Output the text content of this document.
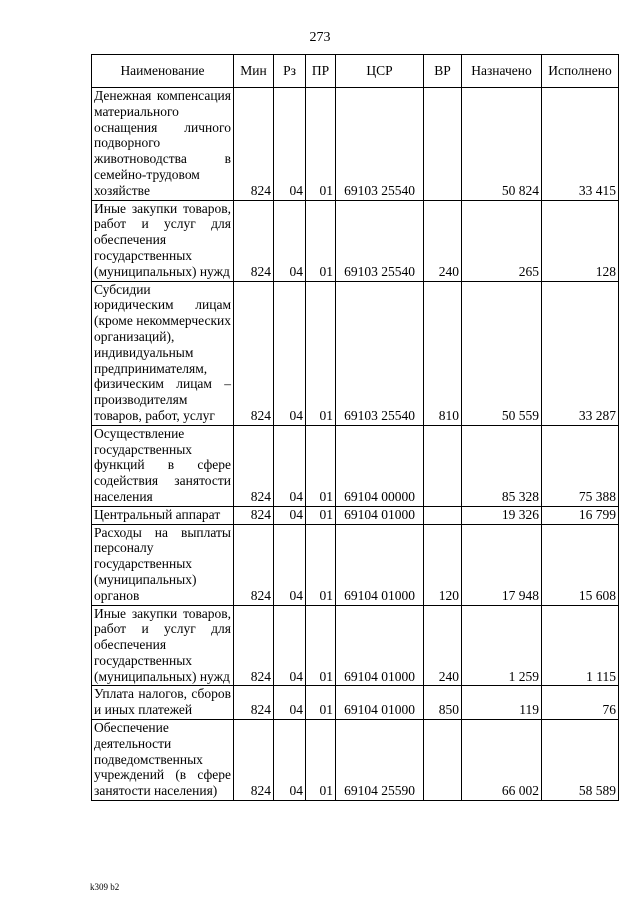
273
Наименование	Мин	Рз	ПР	ЦСР	ВР	Назначено	Исполнено
Денежная компенсация материального оснащения личного подворного животноводства в семейно-трудовом хозяйстве	824	04	01	69103 25540		50 824	33 415
Иные закупки товаров, работ и услуг для обеспечения государственных (муниципальных) нужд	824	04	01	69103 25540	240	265	128
Субсидии юридическим лицам (кроме некоммерческих организаций), индивидуальным предпринимателям, физическим лицам – производителям товаров, работ, услуг	824	04	01	69103 25540	810	50 559	33 287
Осуществление государственных функций в сфере содействия занятости населения	824	04	01	69104 00000		85 328	75 388
Центральный аппарат	824	04	01	69104 01000		19 326	16 799
Расходы на выплаты персоналу государственных (муниципальных) органов	824	04	01	69104 01000	120	17 948	15 608
Иные закупки товаров, работ и услуг для обеспечения государственных (муниципальных) нужд	824	04	01	69104 01000	240	1 259	1 115
Уплата налогов, сборов и иных платежей	824	04	01	69104 01000	850	119	76
Обеспечение деятельности подведомственных учреждений (в сфере занятости населения)	824	04	01	69104 25590		66 002	58 589
k309 b2
